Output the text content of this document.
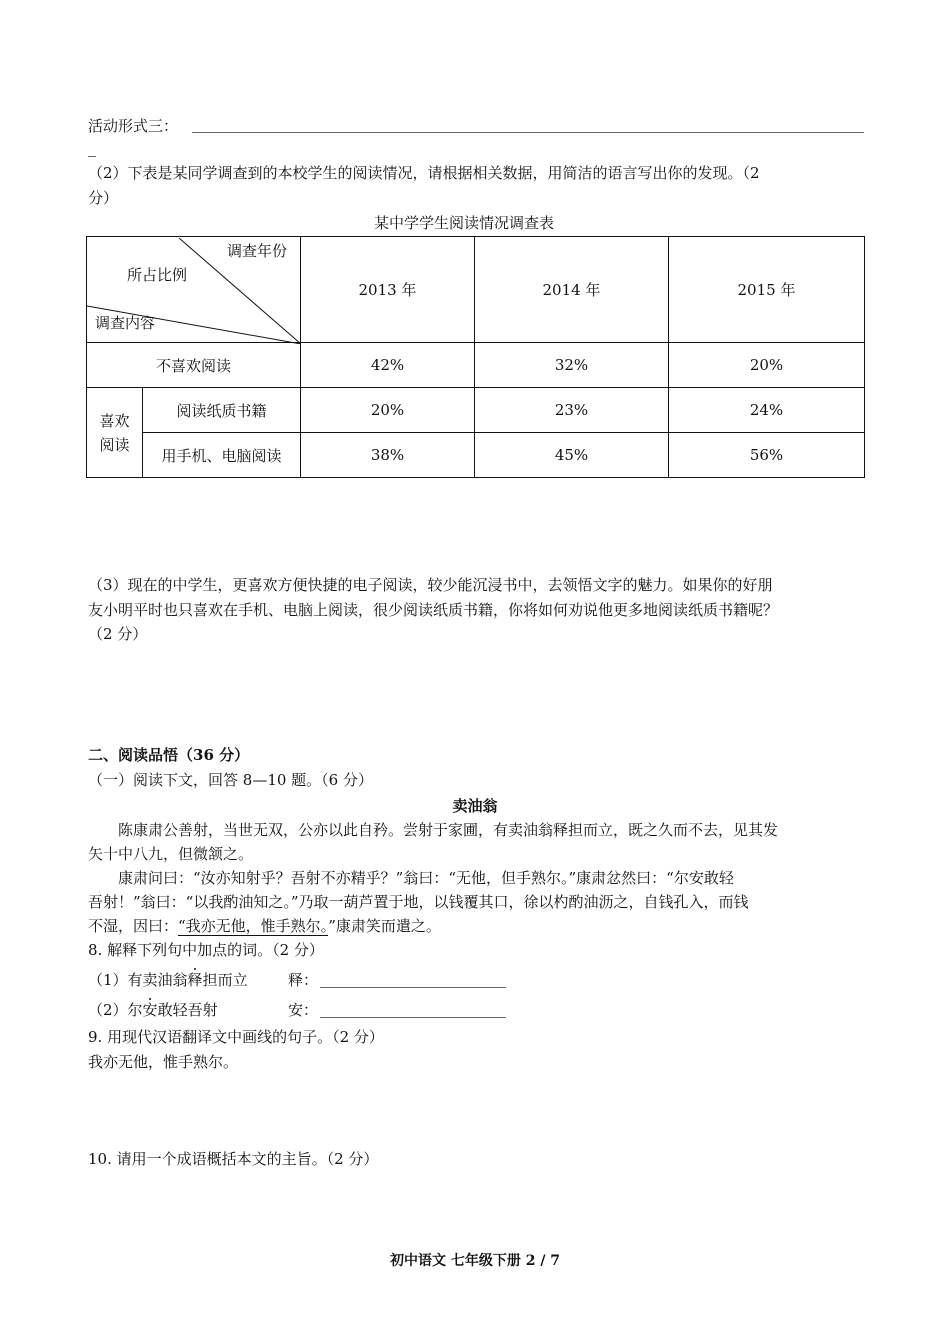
活动形式三：
（2）下表是某同学调查到的本校学生的阅读情况，请根据相关数据，用简洁的语言写出你的发现。（2
分）
某中学学生阅读情况调查表
调查年份
所占比例
调查内容		2013 年	2014 年	2015 年
不喜欢阅读		42%	32%	20%
喜欢阅读	阅读纸质书籍	20%	23%	24%
	用手机、电脑阅读	38%	45%	56%
（3）现在的中学生，更喜欢方便快捷的电子阅读，较少能沉浸书中，去领悟文字的魅力。如果你的好朋
友小明平时也只喜欢在手机、电脑上阅读，很少阅读纸质书籍，你将如何劝说他更多地阅读纸质书籍呢？
（2 分）
二、阅读品悟（36 分）
（一）阅读下文，回答 8—10 题。（6 分）
卖油翁
陈康肃公善射，当世无双，公亦以此自矜。尝射于家圃，有卖油翁释担而立，既之久而不去，见其发
矢十中八九，但微颔之。
康肃问曰：“汝亦知射乎？吾射不亦精乎？”翁曰：“无他，但手熟尔。”康肃忿然曰：“尔安敢轻
吾射！”翁曰：“以我酌油知之。”乃取一葫芦置于地，以钱覆其口，徐以杓酌油沥之，自钱孔入，而钱
不湿，因曰：“我亦无他，惟手熟尔。”康肃笑而遣之。
8. 解释下列句中加点的词。（2 分）
（1）有卖油翁释担而立	释：
（2）尔安敢轻吾射	安：
9. 用现代汉语翻译文中画线的句子。（2 分）
我亦无他，惟手熟尔。
10. 请用一个成语概括本文的主旨。（2 分）
初中语文 七年级下册 2 / 7
